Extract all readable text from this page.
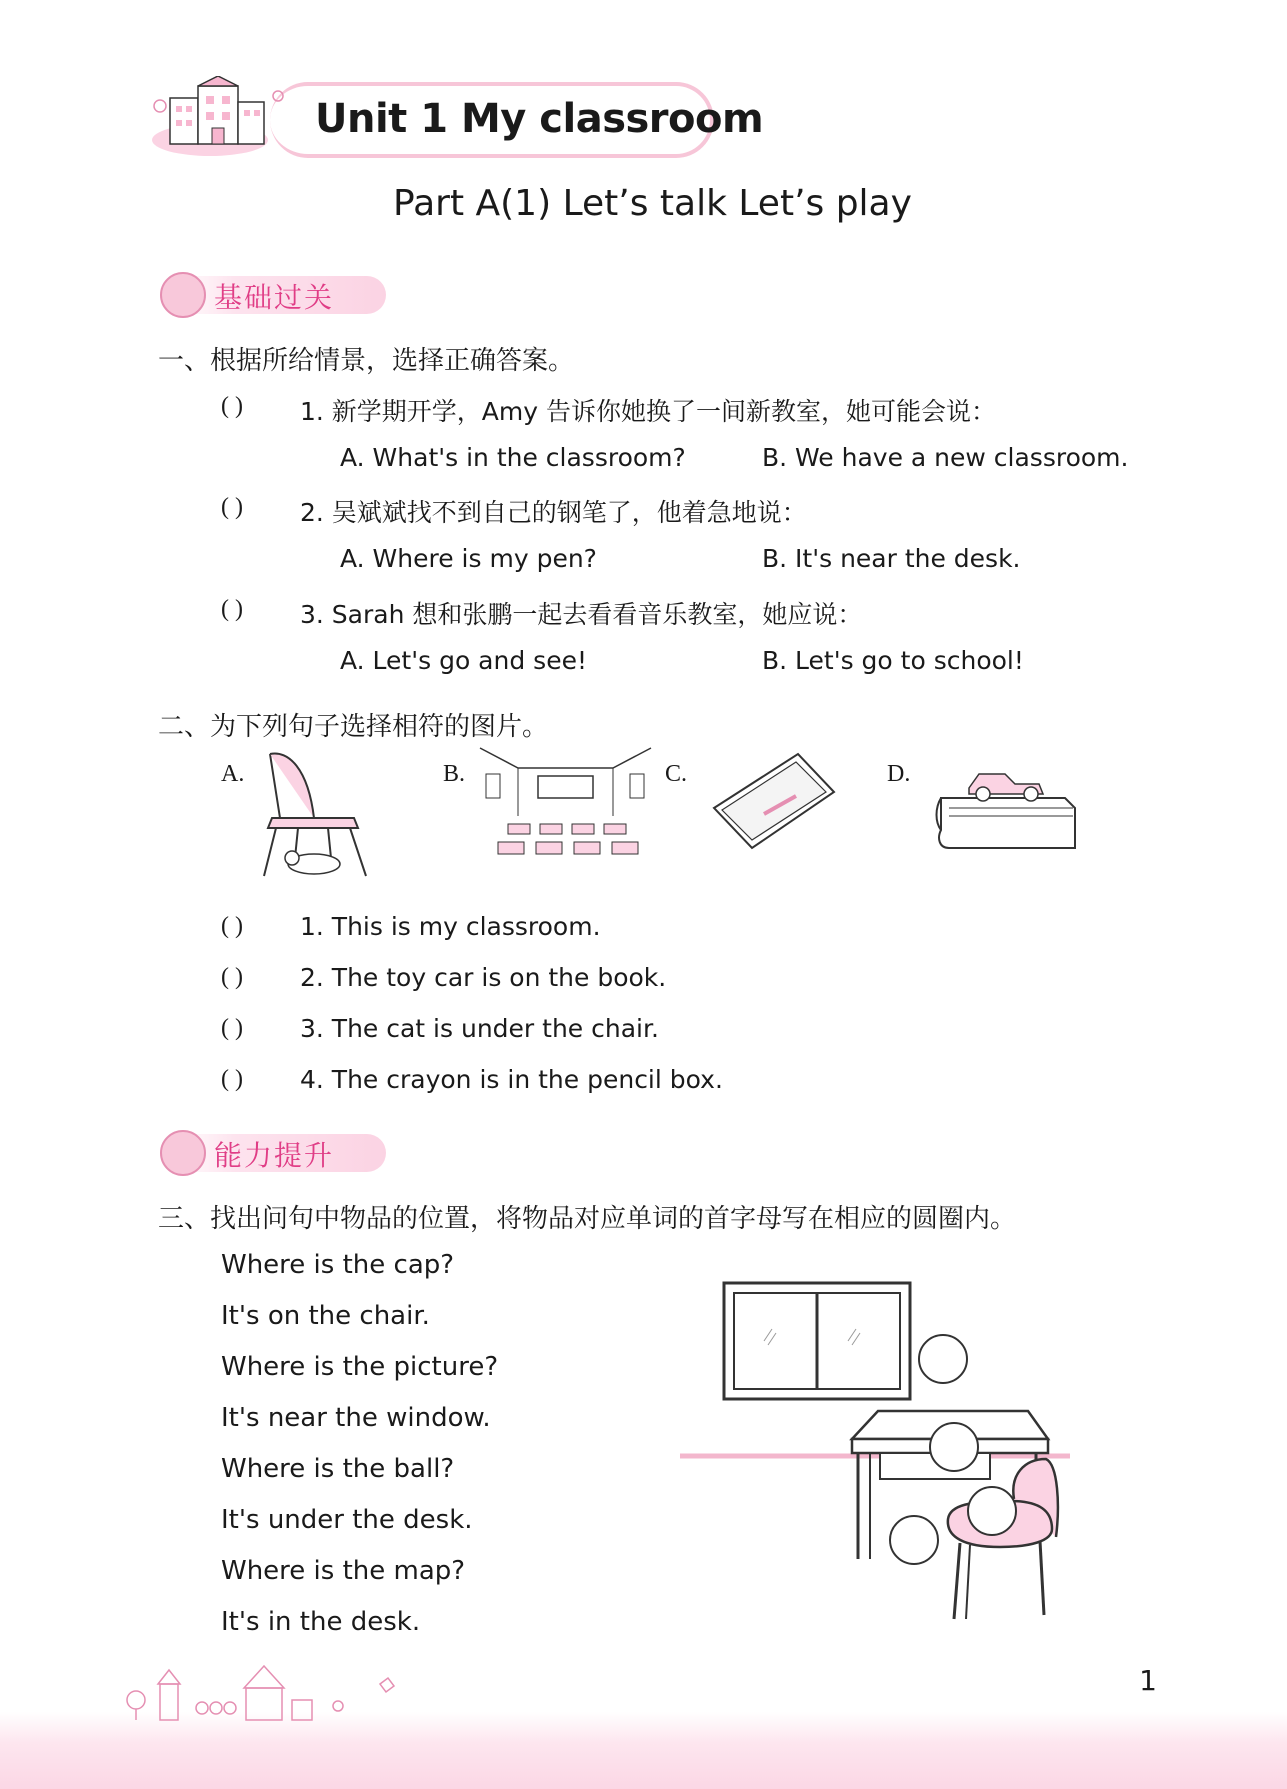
Unit 1 My classroom
Part A(1) Let’s talk Let’s play
基础过关
一、根据所给情景，选择正确答案。
( ) 1. 新学期开学，Amy 告诉你她换了一间新教室，她可能会说：
A. What's in the classroom?	B. We have a new classroom.
( ) 2. 吴斌斌找不到自己的钢笔了，他着急地说：
A. Where is my pen?	B. It's near the desk.
( ) 3. Sarah 想和张鹏一起去看看音乐教室，她应说：
A. Let's go and see!	B. Let's go to school!
二、为下列句子选择相符的图片。
A.	B.	C.	D.
( ) 1. This is my classroom.
( ) 2. The toy car is on the book.
( ) 3. The cat is under the chair.
( ) 4. The crayon is in the pencil box.
能力提升
三、找出问句中物品的位置，将物品对应单词的首字母写在相应的圆圈内。
Where is the cap?
It's on the chair.
Where is the picture?
It's near the window.
Where is the ball?
It's under the desk.
Where is the map?
It's in the desk.
1
